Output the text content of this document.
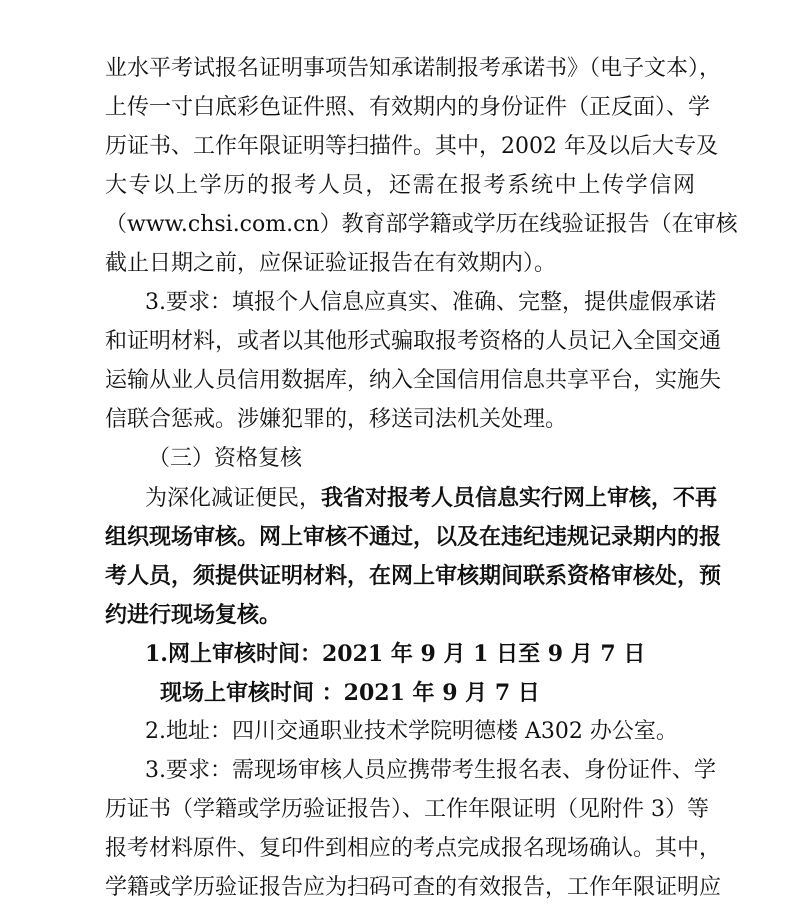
业水平考试报名证明事项告知承诺制报考承诺书》（电子文本），
上传一寸白底彩色证件照、有效期内的身份证件（正反面）、学
历证书、工作年限证明等扫描件。其中，2002 年及以后大专及
大专以上学历的报考人员，还需在报考系统中上传学信网
（www.chsi.com.cn）教育部学籍或学历在线验证报告（在审核
截止日期之前，应保证验证报告在有效期内）。
3.要求：填报个人信息应真实、准确、完整，提供虚假承诺
和证明材料，或者以其他形式骗取报考资格的人员记入全国交通
运输从业人员信用数据库，纳入全国信用信息共享平台，实施失
信联合惩戒。涉嫌犯罪的，移送司法机关处理。
（三）资格复核
为深化减证便民，我省对报考人员信息实行网上审核，不再
组织现场审核。网上审核不通过，以及在违纪违规记录期内的报
考人员，须提供证明材料，在网上审核期间联系资格审核处，预
约进行现场复核。
1.网上审核时间：2021 年 9 月 1 日至 9 月 7 日
现场上审核时间 ：2021 年 9 月 7 日
2.地址：四川交通职业技术学院明德楼 A302 办公室。
3.要求：需现场审核人员应携带考生报名表、身份证件、学
历证书（学籍或学历验证报告）、工作年限证明（见附件 3）等
报考材料原件、复印件到相应的考点完成报名现场确认。其中，
学籍或学历验证报告应为扫码可查的有效报告，工作年限证明应
